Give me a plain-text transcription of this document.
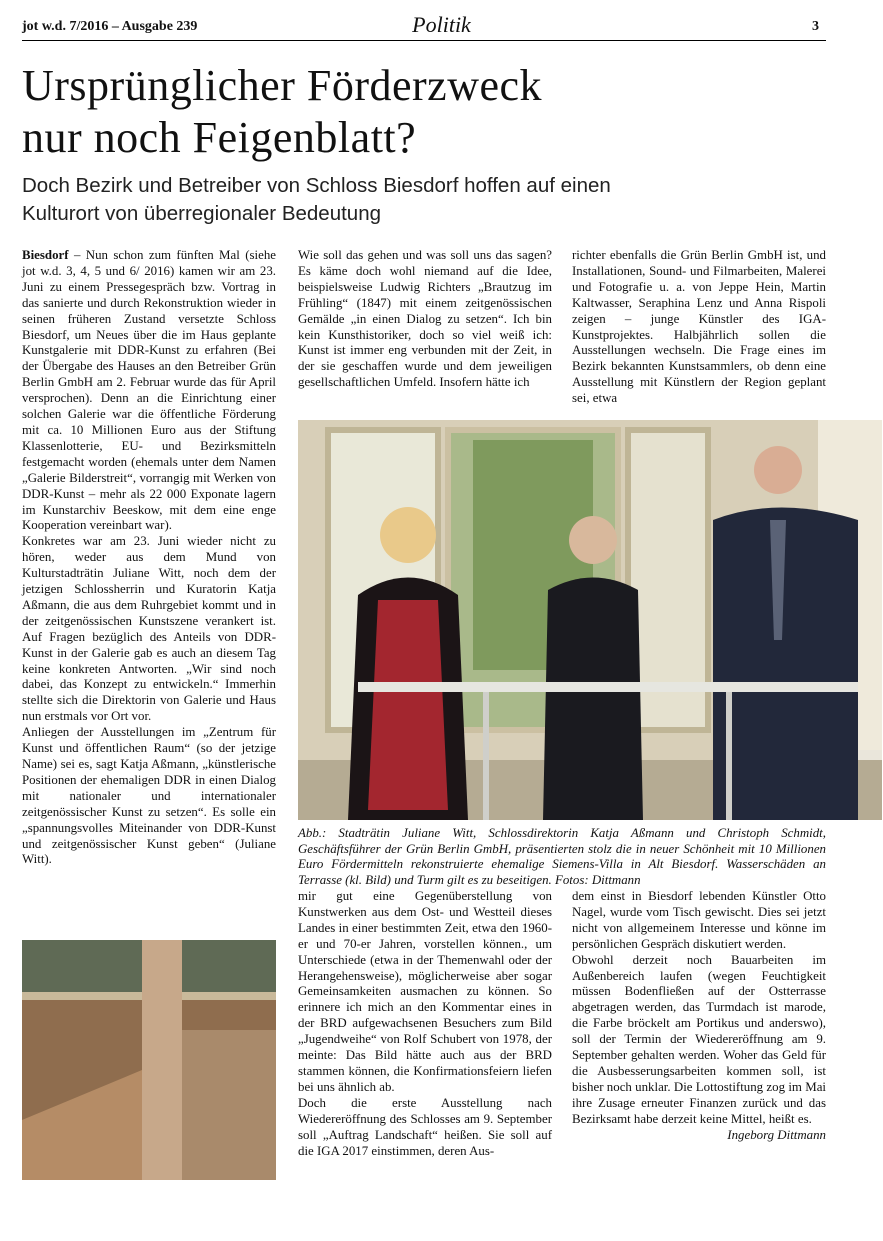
jot w.d. 7/2016 – Ausgabe 239	Politik	3
Ursprünglicher Förderzweck
nur noch Feigenblatt?
Doch Bezirk und Betreiber von Schloss Biesdorf hoffen auf einen
Kulturort von überregionaler Bedeutung

Biesdorf – Nun schon zum fünften Mal (siehe jot w.d. 3, 4, 5 und 6/ 2016) kamen wir am 23. Juni zu einem Pressegespräch bzw. Vortrag in das sanierte und durch Rekonstruktion wieder in seinen früheren Zustand versetzte Schloss Biesdorf, um Neues über die im Haus geplante Kunstgalerie mit DDR-Kunst zu erfahren (Bei der Übergabe des Hauses an den Betreiber Grün Berlin GmbH am 2. Februar wurde das für April versprochen). Denn an die Einrichtung einer solchen Galerie war die öffentliche Förderung mit ca. 10 Millionen Euro aus der Stiftung Klassenlotterie, EU- und Bezirksmitteln festgemacht worden (ehemals unter dem Namen „Galerie Bilderstreit“, vorrangig mit Werken von DDR-Kunst – mehr als 22 000 Exponate lagern im Kunstarchiv Beeskow, mit dem eine enge Kooperation vereinbart war).

Konkretes war am 23. Juni wieder nicht zu hören, weder aus dem Mund von Kulturstadträtin Juliane Witt, noch dem der jetzigen Schlossherrin und Kuratorin Katja Aßmann, die aus dem Ruhrgebiet kommt und in der zeitgenössischen Kunstszene verankert ist. Auf Fragen bezüglich des Anteils von DDR-Kunst in der Galerie gab es auch an diesem Tag keine konkreten Antworten. „Wir sind noch dabei, das Konzept zu entwickeln.“ Immerhin stellte sich die Direktorin von Galerie und Haus nun erstmals vor Ort vor.

Anliegen der Ausstellungen im „Zentrum für Kunst und öffentlichen Raum“ (so der jetzige Name) sei es, sagt Katja Aßmann, „künstlerische Positionen der ehemaligen DDR in einen Dialog mit nationaler und internationaler zeitgenössischer Kunst zu setzen“. Es solle ein „spannungsvolles Miteinander von DDR-Kunst und zeitgenössischer Kunst geben“ (Juliane Witt).

Wie soll das gehen und was soll uns das sagen? Es käme doch wohl niemand auf die Idee, beispielsweise Ludwig Richters „Brautzug im Frühling“ (1847) mit einem zeitgenössischen Gemälde „in einen Dialog zu setzen“. Ich bin kein Kunsthistoriker, doch so viel weiß ich: Kunst ist immer eng verbunden mit der Zeit, in der sie geschaffen wurde und dem jeweiligen gesellschaftlichen Umfeld. Insofern hätte ich

richter ebenfalls die Grün Berlin GmbH ist, und Installationen, Sound- und Filmarbeiten, Malerei und Fotografie u. a. von Jeppe Hein, Martin Kaltwasser, Seraphina Lenz und Anna Rispoli zeigen – junge Künstler des IGA-Kunstprojektes. Halbjährlich sollen die Ausstellungen wechseln. Die Frage eines im Bezirk bekannten Kunstsammlers, ob denn eine Ausstellung mit Künstlern der Region geplant sei, etwa

Abb.: Stadträtin Juliane Witt, Schlossdirektorin Katja Aßmann und Christoph Schmidt, Geschäftsführer der Grün Berlin GmbH, präsentierten stolz die in neuer Schönheit mit 10 Millionen Euro Fördermitteln rekonstruierte ehemalige Siemens-Villa in Alt Biesdorf. Wasserschäden an Terrasse (kl. Bild) und Turm gilt es zu beseitigen. Fotos: Dittmann

mir gut eine Gegenüberstellung von Kunstwerken aus dem Ost- und Westteil dieses Landes in einer bestimmten Zeit, etwa den 1960-er und 70-er Jahren, vorstellen können., um Unterschiede (etwa in der Themenwahl oder der Herangehensweise), möglicherweise aber sogar Gemeinsamkeiten ausmachen zu können. So erinnere ich mich an den Kommentar eines in der BRD aufgewachsenen Besuchers zum Bild „Jugendweihe“ von Rolf Schubert von 1978, der meinte: Das Bild hätte auch aus der BRD stammen können, die Konfirmationsfeiern liefen bei uns ähnlich ab.

Doch die erste Ausstellung nach Wiedereröffnung des Schlosses am 9. September soll „Auftrag Landschaft“ heißen. Sie soll auf die IGA 2017 einstimmen, deren Aus-

dem einst in Biesdorf lebenden Künstler Otto Nagel, wurde vom Tisch gewischt. Dies sei jetzt nicht von allgemeinem Interesse und könne im persönlichen Gespräch diskutiert werden.

Obwohl derzeit noch Bauarbeiten im Außenbereich laufen (wegen Feuchtigkeit müssen Bodenfließen auf der Ostterrasse abgetragen werden, das Turmdach ist marode, die Farbe bröckelt am Portikus und anderswo), soll der Termin der Wiedereröffnung am 9. September gehalten werden. Woher das Geld für die Ausbesserungsarbeiten kommen soll, ist bisher noch unklar. Die Lottostiftung zog im Mai ihre Zusage erneuter Finanzen zurück und das Bezirksamt habe derzeit keine Mittel, heißt es.

Ingeborg Dittmann
